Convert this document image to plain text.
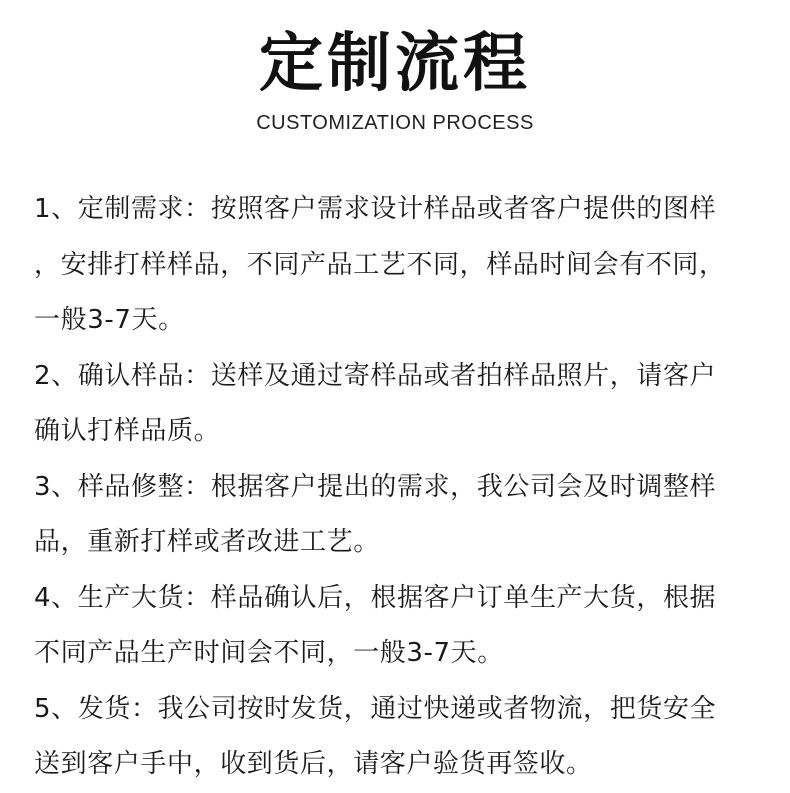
定制流程
CUSTOMIZATION PROCESS
1、定制需求：按照客户需求设计样品或者客户提供的图样
，安排打样样品，不同产品工艺不同，样品时间会有不同，
一般3-7天。
2、确认样品：送样及通过寄样品或者拍样品照片，请客户
确认打样品质。
3、样品修整：根据客户提出的需求，我公司会及时调整样
品，重新打样或者改进工艺。
4、生产大货：样品确认后，根据客户订单生产大货，根据
不同产品生产时间会不同，一般3-7天。
5、发货：我公司按时发货，通过快递或者物流，把货安全
送到客户手中，收到货后，请客户验货再签收。
